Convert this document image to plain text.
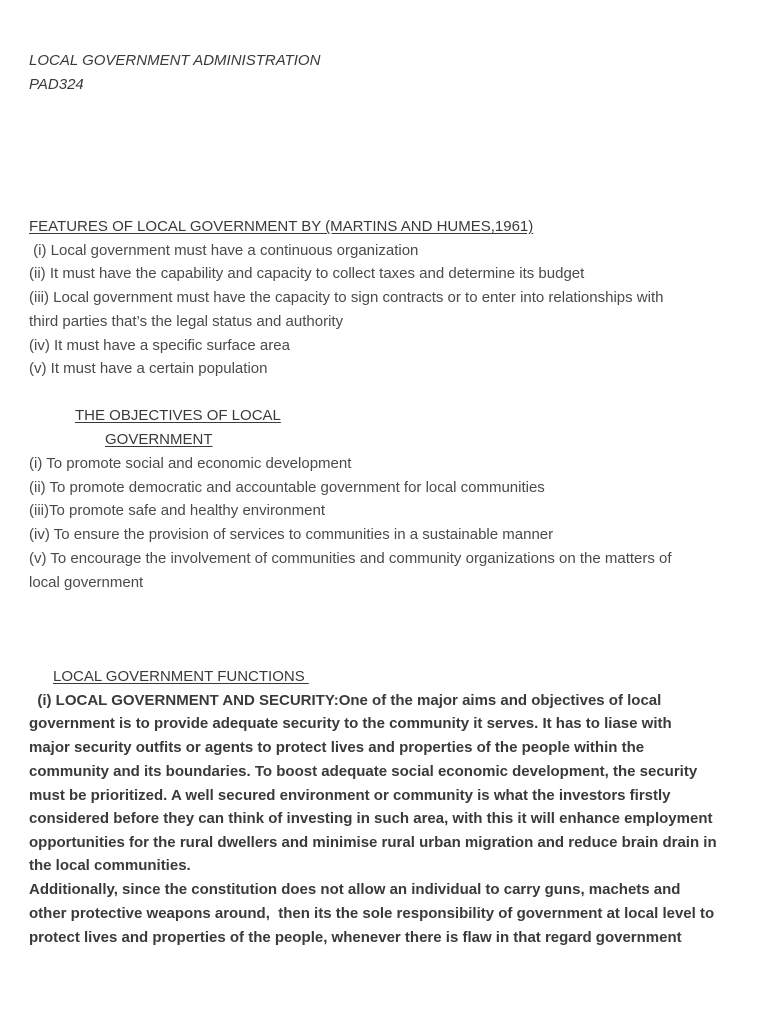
LOCAL GOVERNMENT ADMINISTRATION
PAD324
FEATURES OF LOCAL GOVERNMENT BY (MARTINS AND HUMES,1961)
(i) Local government must have a continuous organization
(ii) It must have the capability and capacity to collect taxes and determine its budget
(iii) Local government must have the capacity to sign contracts or to enter into relationships with
third parties that’s the legal status and authority
(iv) It must have a specific surface area
(v) It must have a certain population
THE OBJECTIVES OF LOCAL
GOVERNMENT
(i) To promote social and economic development
(ii) To promote democratic and accountable government for local communities
(iii)To promote safe and healthy environment
(iv) To ensure the provision of services to communities in a sustainable manner
(v) To encourage the involvement of communities and community organizations on the matters of
local government
LOCAL GOVERNMENT FUNCTIONS
(i) LOCAL GOVERNMENT AND SECURITY:One of the major aims and objectives of local
government is to provide adequate security to the community it serves. It has to liase with
major security outfits or agents to protect lives and properties of the people within the
community and its boundaries. To boost adequate social economic development, the security
must be prioritized. A well secured environment or community is what the investors firstly
considered before they can think of investing in such area, with this it will enhance employment
opportunities for the rural dwellers and minimise rural urban migration and reduce brain drain in
the local communities.
Additionally, since the constitution does not allow an individual to carry guns, machets and
other protective weapons around,  then its the sole responsibility of government at local level to
protect lives and properties of the people, whenever there is flaw in that regard government
